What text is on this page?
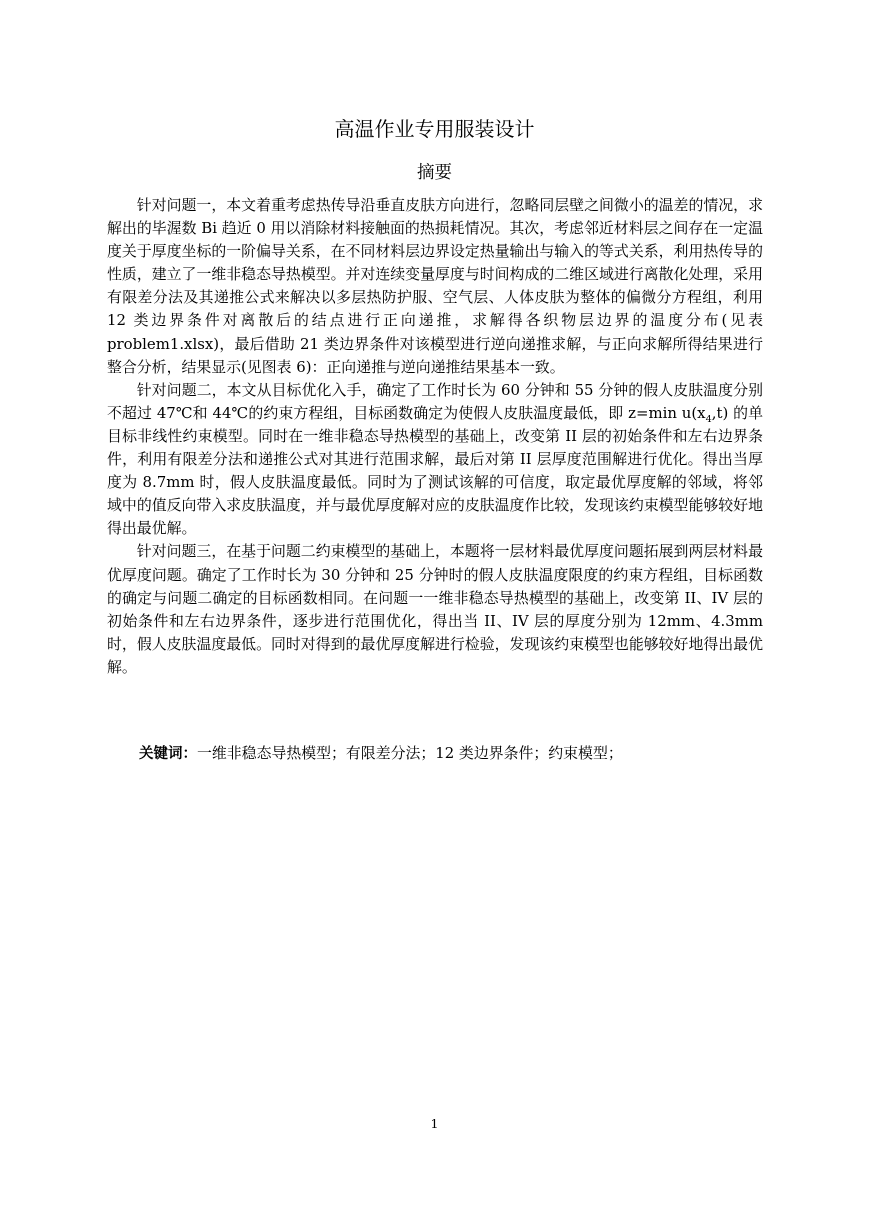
高温作业专用服装设计
摘要

针对问题一，本文着重考虑热传导沿垂直皮肤方向进行，忽略同层壁之间微小的温差的情况，求解出的毕渥数 Bi 趋近 0 用以消除材料接触面的热损耗情况。其次，考虑邻近材料层之间存在一定温度关于厚度坐标的一阶偏导关系，在不同材料层边界设定热量输出与输入的等式关系，利用热传导的性质，建立了一维非稳态导热模型。并对连续变量厚度与时间构成的二维区域进行离散化处理，采用有限差分法及其递推公式来解决以多层热防护服、空气层、人体皮肤为整体的偏微分方程组，利用 12 类边界条件对离散后的结点进行正向递推，求解得各织物层边界的温度分布(见表 problem1.xlsx)，最后借助 21 类边界条件对该模型进行逆向递推求解，与正向求解所得结果进行整合分析，结果显示(见图表 6)：正向递推与逆向递推结果基本一致。

针对问题二，本文从目标优化入手，确定了工作时长为 60 分钟和 55 分钟的假人皮肤温度分别不超过 47℃和 44℃的约束方程组，目标函数确定为使假人皮肤温度最低，即 z=min $u(x_4,t)$ 的单目标非线性约束模型。同时在一维非稳态导热模型的基础上，改变第 II 层的初始条件和左右边界条件，利用有限差分法和递推公式对其进行范围求解，最后对第 II 层厚度范围解进行优化。得出当厚度为 8.7mm 时，假人皮肤温度最低。同时为了测试该解的可信度，取定最优厚度解的邻域，将邻域中的值反向带入求皮肤温度，并与最优厚度解对应的皮肤温度作比较，发现该约束模型能够较好地得出最优解。

针对问题三，在基于问题二约束模型的基础上，本题将一层材料最优厚度问题拓展到两层材料最优厚度问题。确定了工作时长为 30 分钟和 25 分钟时的假人皮肤温度限度的约束方程组，目标函数的确定与问题二确定的目标函数相同。在问题一一维非稳态导热模型的基础上，改变第 II、IV 层的初始条件和左右边界条件，逐步进行范围优化，得出当 II、IV 层的厚度分别为 12mm、4.3mm 时，假人皮肤温度最低。同时对得到的最优厚度解进行检验，发现该约束模型也能够较好地得出最优解。

关键词：一维非稳态导热模型；有限差分法；12 类边界条件；约束模型；
1
